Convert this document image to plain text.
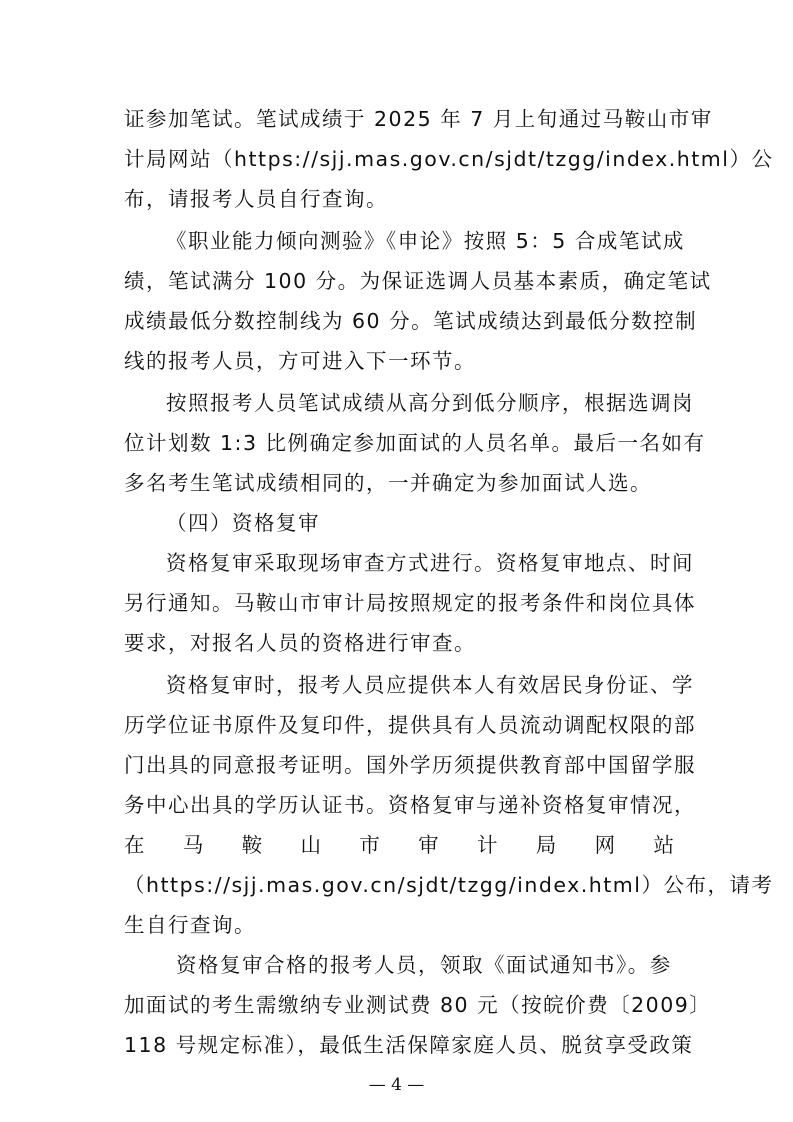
证参加笔试。笔试成绩于 2025 年 7 月上旬通过马鞍山市审
计局网站（https://sjj.mas.gov.cn/sjdt/tzgg/index.html）公
布，请报考人员自行查询。
《职业能力倾向测验》《申论》按照 5：5 合成笔试成
绩，笔试满分 100 分。为保证选调人员基本素质，确定笔试
成绩最低分数控制线为 60 分。笔试成绩达到最低分数控制
线的报考人员，方可进入下一环节。
按照报考人员笔试成绩从高分到低分顺序，根据选调岗
位计划数 1:3 比例确定参加面试的人员名单。最后一名如有
多名考生笔试成绩相同的，一并确定为参加面试人选。
（四）资格复审
资格复审采取现场审查方式进行。资格复审地点、时间
另行通知。马鞍山市审计局按照规定的报考条件和岗位具体
要求，对报名人员的资格进行审查。
资格复审时，报考人员应提供本人有效居民身份证、学
历学位证书原件及复印件，提供具有人员流动调配权限的部
门出具的同意报考证明。国外学历须提供教育部中国留学服
务中心出具的学历认证书。资格复审与递补资格复审情况，
在 马 鞍 山 市 审 计 局 网 站
（https://sjj.mas.gov.cn/sjdt/tzgg/index.html）公布，请考
生自行查询。
资格复审合格的报考人员，领取《面试通知书》。参
加面试的考生需缴纳专业测试费 80 元（按皖价费〔2009〕
118 号规定标准），最低生活保障家庭人员、脱贫享受政策
— 4 —
